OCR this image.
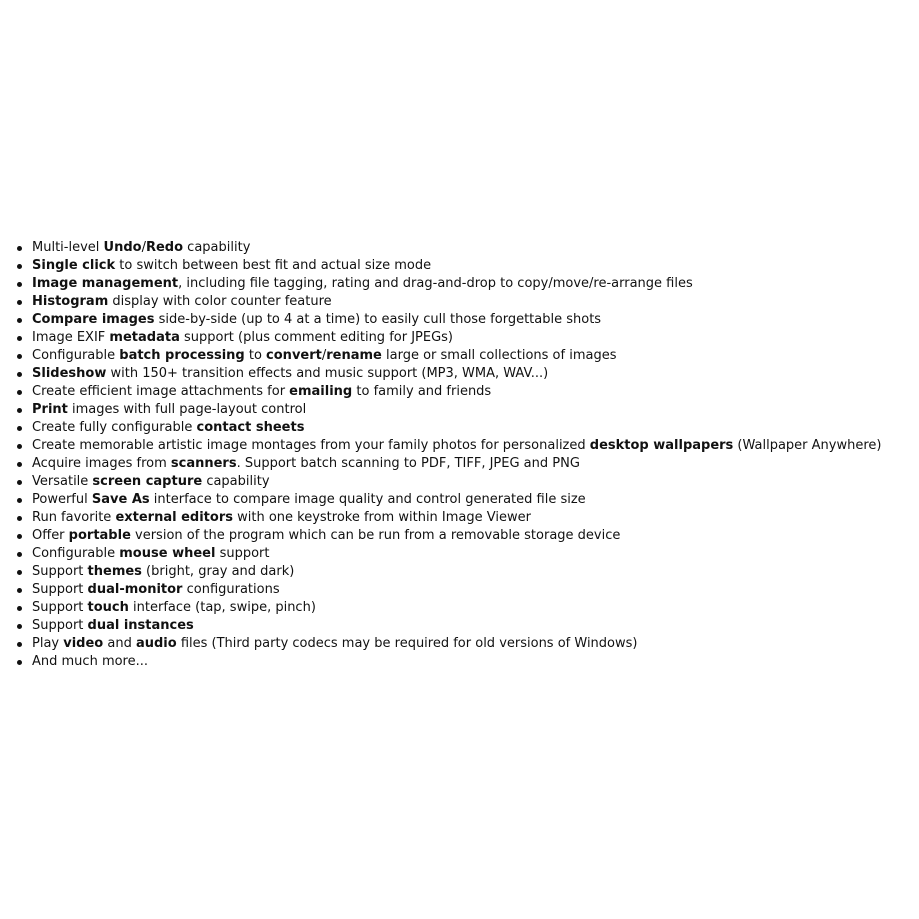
Multi-level Undo/Redo capability
Single click to switch between best fit and actual size mode
Image management, including file tagging, rating and drag-and-drop to copy/move/re-arrange files
Histogram display with color counter feature
Compare images side-by-side (up to 4 at a time) to easily cull those forgettable shots
Image EXIF metadata support (plus comment editing for JPEGs)
Configurable batch processing to convert/rename large or small collections of images
Slideshow with 150+ transition effects and music support (MP3, WMA, WAV...)
Create efficient image attachments for emailing to family and friends
Print images with full page-layout control
Create fully configurable contact sheets
Create memorable artistic image montages from your family photos for personalized desktop wallpapers (Wallpaper Anywhere)
Acquire images from scanners. Support batch scanning to PDF, TIFF, JPEG and PNG
Versatile screen capture capability
Powerful Save As interface to compare image quality and control generated file size
Run favorite external editors with one keystroke from within Image Viewer
Offer portable version of the program which can be run from a removable storage device
Configurable mouse wheel support
Support themes (bright, gray and dark)
Support dual-monitor configurations
Support touch interface (tap, swipe, pinch)
Support dual instances
Play video and audio files (Third party codecs may be required for old versions of Windows)
And much more...
